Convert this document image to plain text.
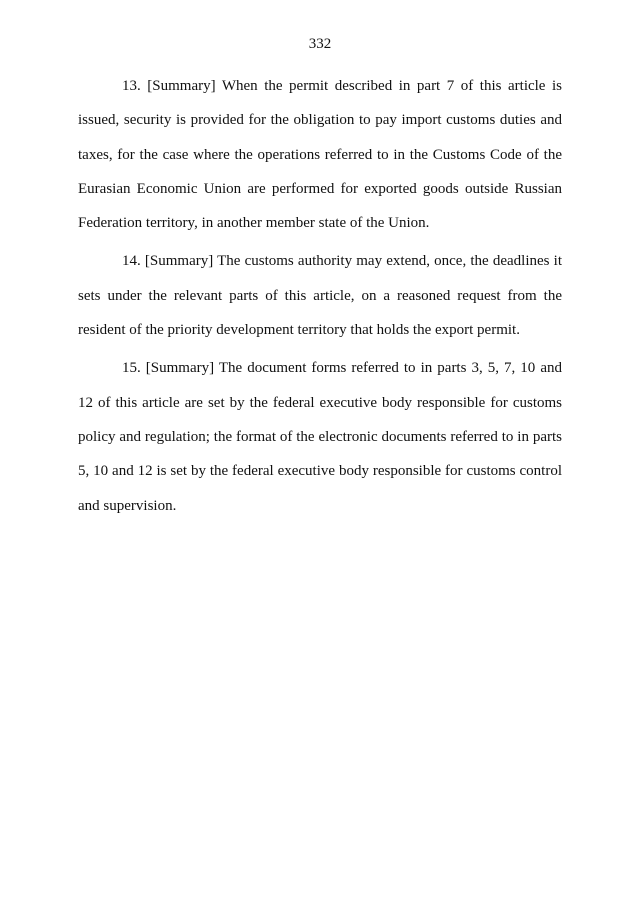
332

13. [Summary] When the permit described in part 7 of this article is issued, security is provided for the obligation to pay import customs duties and taxes, for the case where the operations referred to in the Customs Code of the Eurasian Economic Union are performed for exported goods outside Russian Federation territory, in another member state of the Union.

14. [Summary] The customs authority may extend, once, the deadlines it sets under the relevant parts of this article, on a reasoned request from the resident of the priority development territory that holds the export permit.

15. [Summary] The document forms referred to in parts 3, 5, 7, 10 and 12 of this article are set by the federal executive body responsible for customs policy and regulation; the format of the electronic documents referred to in parts 5, 10 and 12 is set by the federal executive body responsible for customs control and supervision.
